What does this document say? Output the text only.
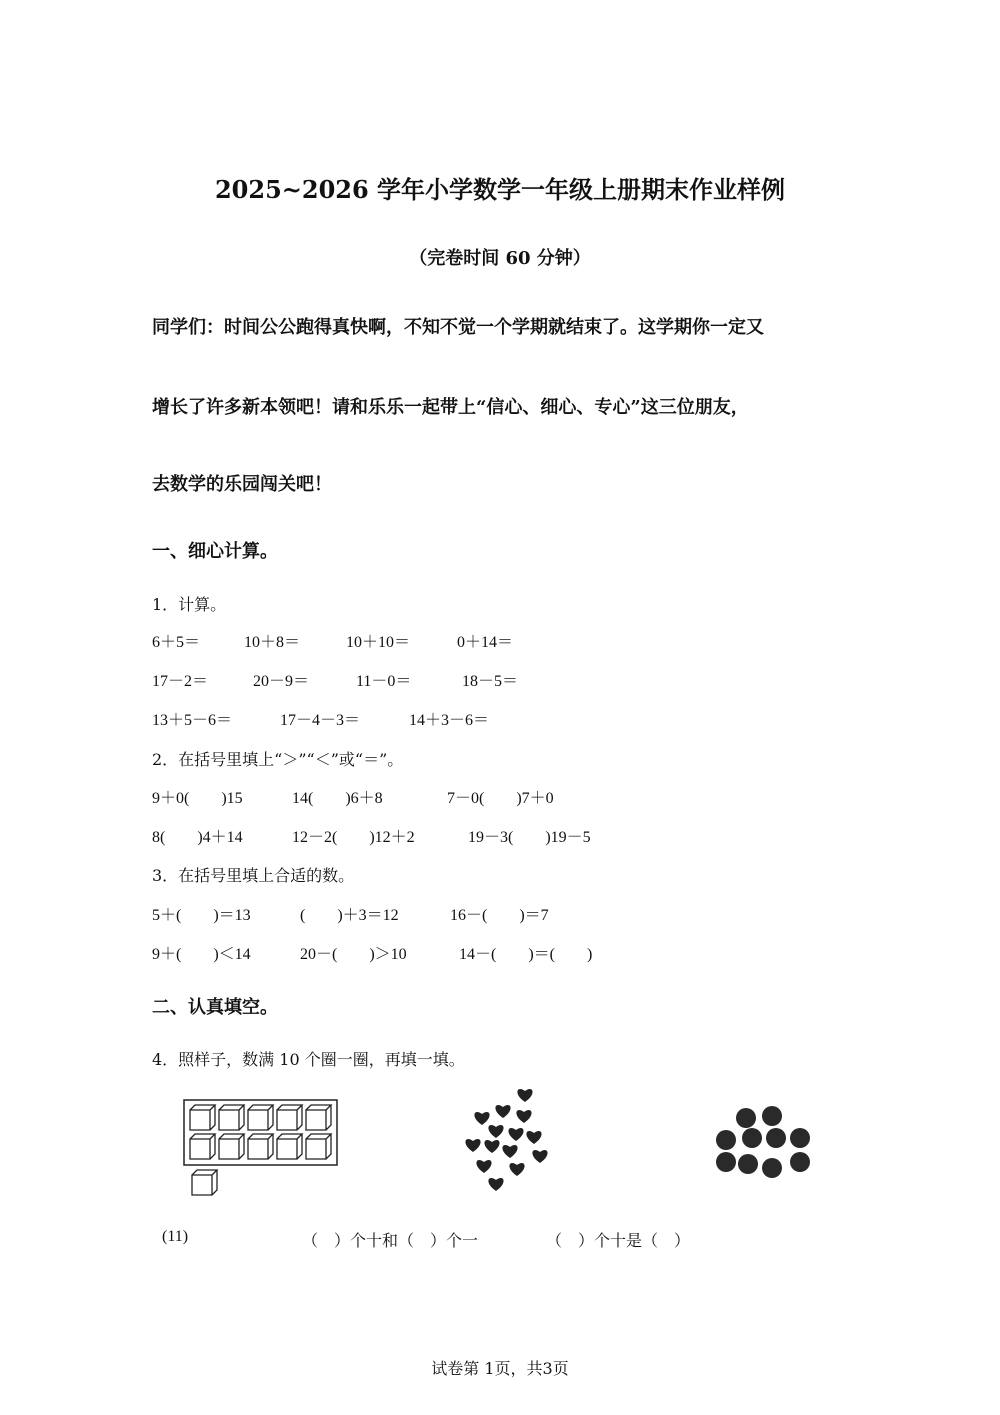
2025~2026 学年小学数学一年级上册期末作业样例
（完卷时间 60 分钟）
同学们：时间公公跑得真快啊，不知不觉一个学期就结束了。这学期你一定又
增长了许多新本领吧！请和乐乐一起带上“信心、细心、专心”这三位朋友，
去数学的乐园闯关吧！
一、细心计算。
1．计算。
6＋5＝	10＋8＝	10＋10＝	0＋14＝
17－2＝	20－9＝	11－0＝	18－5＝
13＋5－6＝	17－4－3＝	14＋3－6＝
2．在括号里填上“＞”“＜”或“＝”。
9＋0(　　)15	14(　　)6＋8	7－0(　　)7＋0
8(　　)4＋14	12－2(　　)12＋2	19－3(　　)19－5
3．在括号里填上合适的数。
5＋(　　)＝13	(　　)＋3＝12	16－(　　)＝7
9＋(　　)＜14	20－(　　)＞10	14－(　　)＝(　　)
二、认真填空。
4．照样子，数满 10 个圈一圈，再填一填。
(11)	（　）个十和（　）个一	（　）个十是（　）
试卷第 1页，共3页
